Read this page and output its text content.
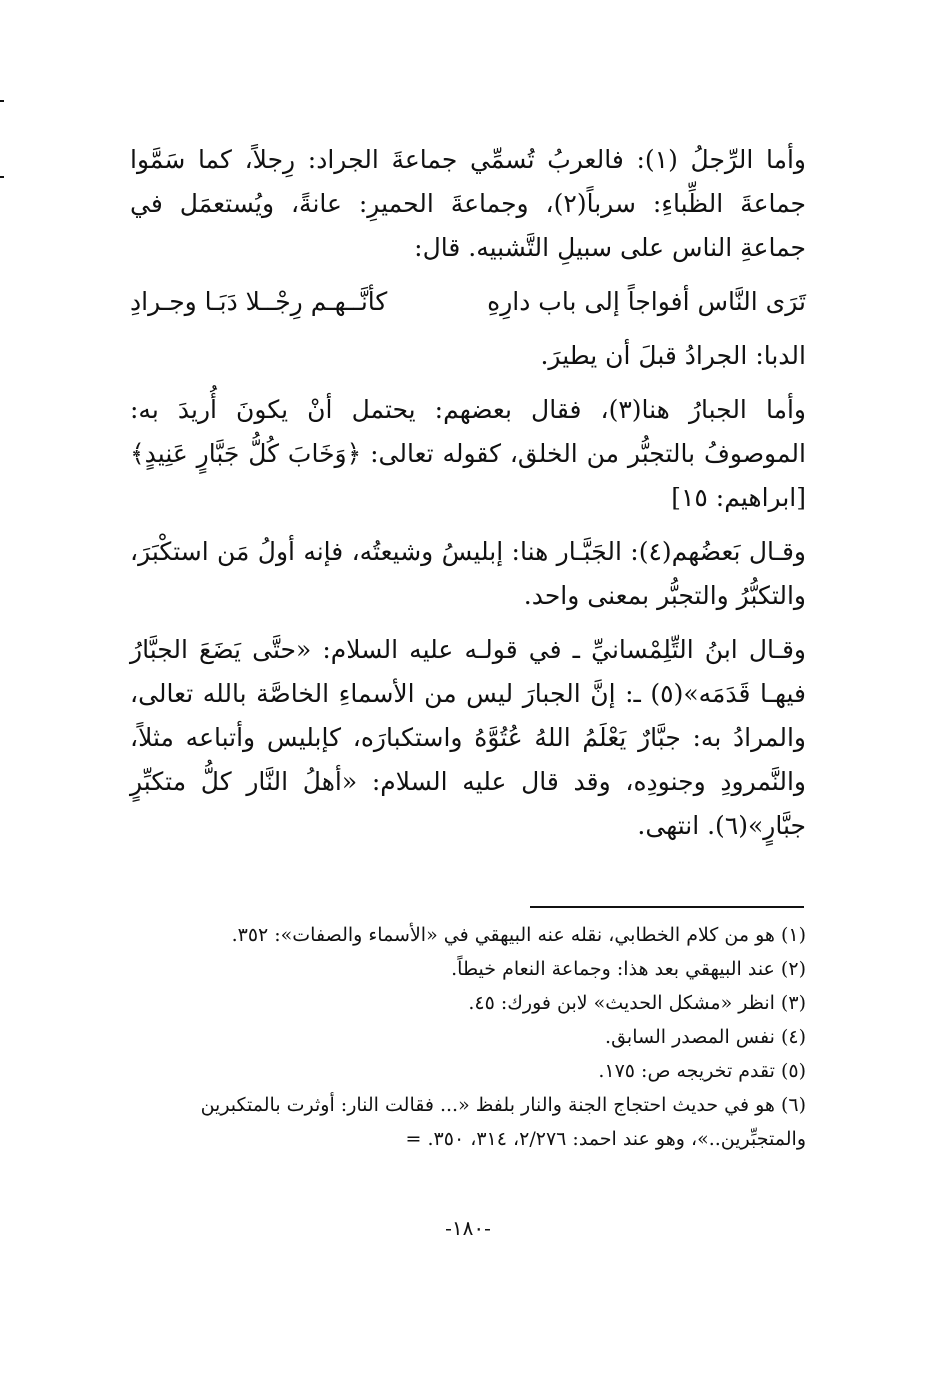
وأما الرِّجلُ (١): فالعربُ تُسمِّي جماعةَ الجراد: رِجلاً، كما سَمَّوا جماعةَ الظِّباءِ: سرباً(٢)، وجماعةَ الحميرِ: عانةً، ويُستعمَل في جماعةِ الناس على سبيلِ التَّشبيه. قال:

تَرَى النَّاس أفواجاً إلى باب دارِهِ
كأنَّــهـم رِجْــلا دَبَـا وجـرادِ

الدبا: الجرادُ قبلَ أن يطيرَ.

وأما الجبارُ هنا(٣)، فقال بعضهم: يحتمل أنْ يكونَ أُريدَ به: الموصوفُ بالتجبُّر من الخلق، كقوله تعالى: ﴿وَخَابَ كُلُّ جَبَّارٍ عَنِيدٍ﴾[ابراهيم: ١٥]

وقـال بَعضُهم(٤): الجَبَّـار هنا: إبليسُ وشيعتُه، فإنه أولُ مَن استكْبَرَ، والتكبُّرُ والتجبُّر بمعنى واحد.

وقـال ابنُ التِّلِمْسانيِّ ـ في قولـه عليه السلام: «حتَّى يَضَعَ الجبَّارُ فيهـا قَدَمَه»(٥) ـ: إنَّ الجبارَ ليس من الأسماءِ الخاصَّة بالله تعالى، والمرادُ به: جبَّارٌ يَعْلَمُ اللهُ عُتُوَّهُ واستكبارَه، كإبليس وأتباعه مثلاً، والنَّمرودِ وجنودِه، وقد قال عليه السلام: «أهلُ النَّار كلُّ متكبِّرٍ جبَّارٍ»(٦). انتهى.

(١) هو من كلام الخطابي، نقله عنه البيهقي في «الأسماء والصفات»: ٣٥٢.

(٢) عند البيهقي بعد هذا: وجماعة النعام خيطاً.

(٣) انظر «مشكل الحديث» لابن فورك: ٤٥.

(٤) نفس المصدر السابق.

(٥) تقدم تخريجه ص: ١٧٥.

(٦) هو في حديث احتجاج الجنة والنار بلفظ «... فقالت النار: أوثرت بالمتكبرين والمتجبِّرين..»، وهو عند احمد: ٢/٢٧٦، ٣١٤، ٣٥٠. =

-١٨٠-
